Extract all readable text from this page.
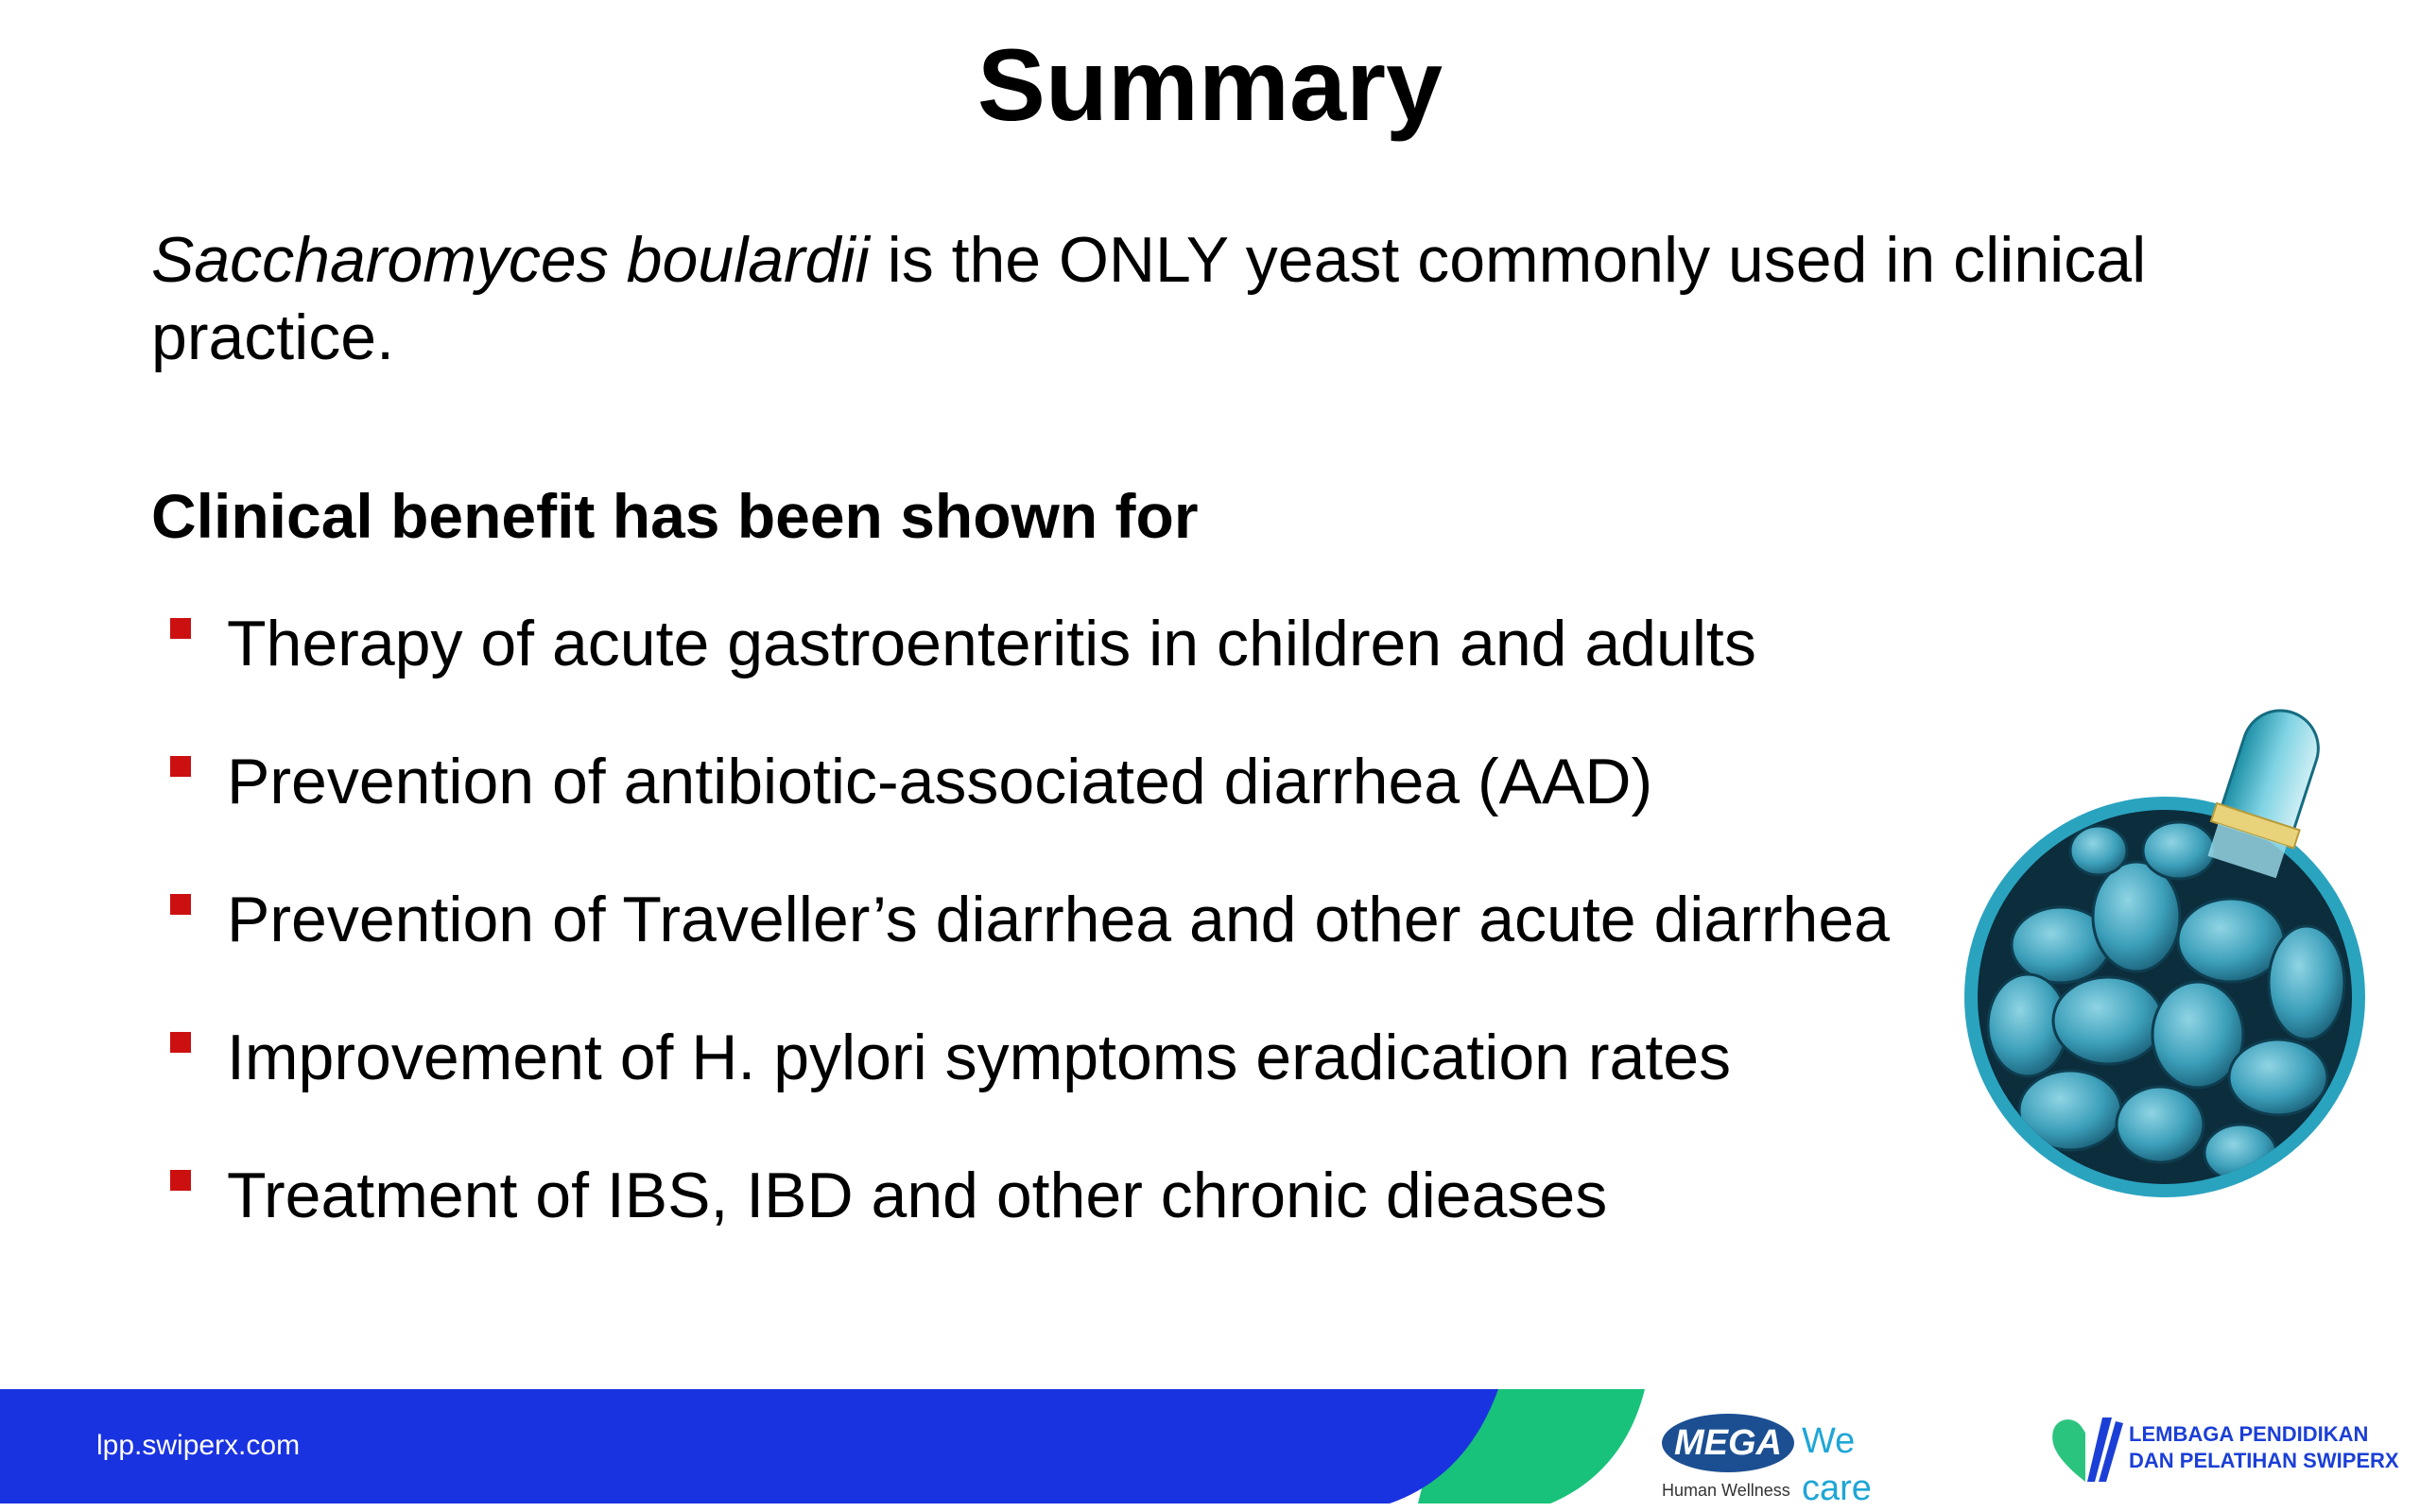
Summary

Saccharomyces boulardii is the ONLY yeast commonly used in clinical practice.

Clinical benefit has been shown for
Therapy of acute gastroenteritis in children and adults
Prevention of antibiotic-associated diarrhea (AAD)
Prevention of Traveller’s diarrhea and other acute diarrhea
Improvement of H. pylori symptoms eradication rates
Treatment of IBS, IBD and other chronic dieases
lpp.swiperx.com	MEGA We care
Human Wellness
LEMBAGA PENDIDIKAN
DAN PELATIHAN SWIPERX
